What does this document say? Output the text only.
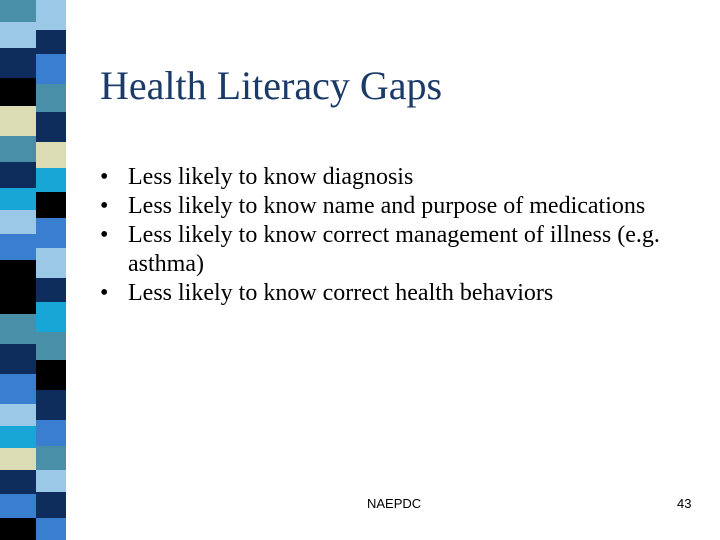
Health Literacy Gaps
• Less likely to know diagnosis
• Less likely to know name and purpose of medications
• Less likely to know correct management of illness (e.g. asthma)
• Less likely to know correct health behaviors
NAEPDC	43
